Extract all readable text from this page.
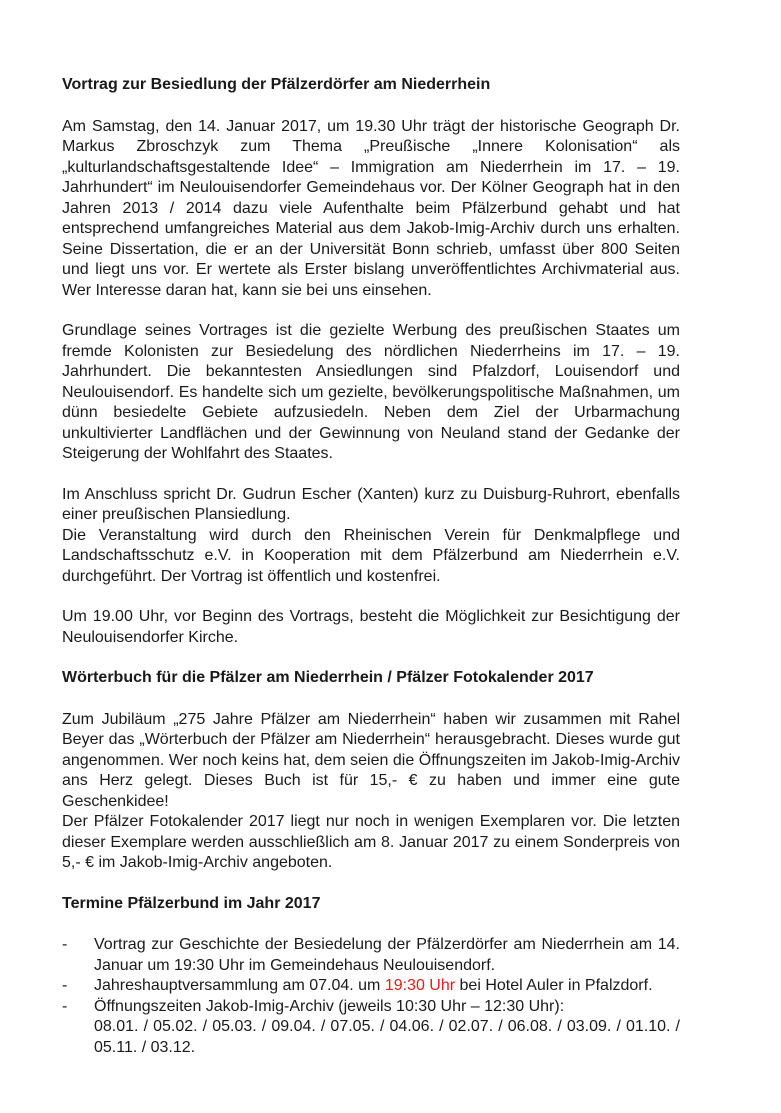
Vortrag zur Besiedlung der Pfälzerdörfer am Niederrhein

Am Samstag, den 14. Januar 2017, um 19.30 Uhr trägt der historische Geograph Dr. Markus Zbroschzyk zum Thema „Preußische „Innere Kolonisation“ als „kulturlandschaftsgestaltende Idee“ – Immigration am Niederrhein im 17. – 19. Jahrhundert“ im Neulouisendorfer Gemeindehaus vor. Der Kölner Geograph hat in den Jahren 2013 / 2014 dazu viele Aufenthalte beim Pfälzerbund gehabt und hat entsprechend umfangreiches Material aus dem Jakob-Imig-Archiv durch uns erhalten. Seine Dissertation, die er an der Universität Bonn schrieb, umfasst über 800 Seiten und liegt uns vor. Er wertete als Erster bislang unveröffentlichtes Archivmaterial aus. Wer Interesse daran hat, kann sie bei uns einsehen.

Grundlage seines Vortrages ist die gezielte Werbung des preußischen Staates um fremde Kolonisten zur Besiedelung des nördlichen Niederrheins im 17. – 19. Jahrhundert. Die bekanntesten Ansiedlungen sind Pfalzdorf, Louisendorf und Neulouisendorf. Es handelte sich um gezielte, bevölkerungspolitische Maßnahmen, um dünn besiedelte Gebiete aufzusiedeln. Neben dem Ziel der Urbarmachung unkultivierter Landflächen und der Gewinnung von Neuland stand der Gedanke der Steigerung der Wohlfahrt des Staates.

Im Anschluss spricht Dr. Gudrun Escher (Xanten) kurz zu Duisburg-Ruhrort, ebenfalls einer preußischen Plansiedlung.

Die Veranstaltung wird durch den Rheinischen Verein für Denkmalpflege und Landschaftsschutz e.V. in Kooperation mit dem Pfälzerbund am Niederrhein e.V. durchgeführt. Der Vortrag ist öffentlich und kostenfrei.

Um 19.00 Uhr, vor Beginn des Vortrags, besteht die Möglichkeit zur Besichtigung der Neulouisendorfer Kirche.

Wörterbuch für die Pfälzer am Niederrhein / Pfälzer Fotokalender 2017

Zum Jubiläum „275 Jahre Pfälzer am Niederrhein“ haben wir zusammen mit Rahel Beyer das „Wörterbuch der Pfälzer am Niederrhein“ herausgebracht. Dieses wurde gut angenommen. Wer noch keins hat, dem seien die Öffnungszeiten im Jakob-Imig-Archiv ans Herz gelegt. Dieses Buch ist für 15,- € zu haben und immer eine gute Geschenkidee!

Der Pfälzer Fotokalender 2017 liegt nur noch in wenigen Exemplaren vor. Die letzten dieser Exemplare werden ausschließlich am 8. Januar 2017 zu einem Sonderpreis von 5,- € im Jakob-Imig-Archiv angeboten.

Termine Pfälzerbund im Jahr 2017
- Vortrag zur Geschichte der Besiedelung der Pfälzerdörfer am Niederrhein am 14. Januar um 19:30 Uhr im Gemeindehaus Neulouisendorf.
- Jahreshauptversammlung am 07.04. um 19:30 Uhr bei Hotel Auler in Pfalzdorf.
- Öffnungszeiten Jakob-Imig-Archiv (jeweils 10:30 Uhr – 12:30 Uhr):
08.01. / 05.02. / 05.03. / 09.04. / 07.05. / 04.06. / 02.07. / 06.08. / 03.09. / 01.10. / 05.11. / 03.12.
